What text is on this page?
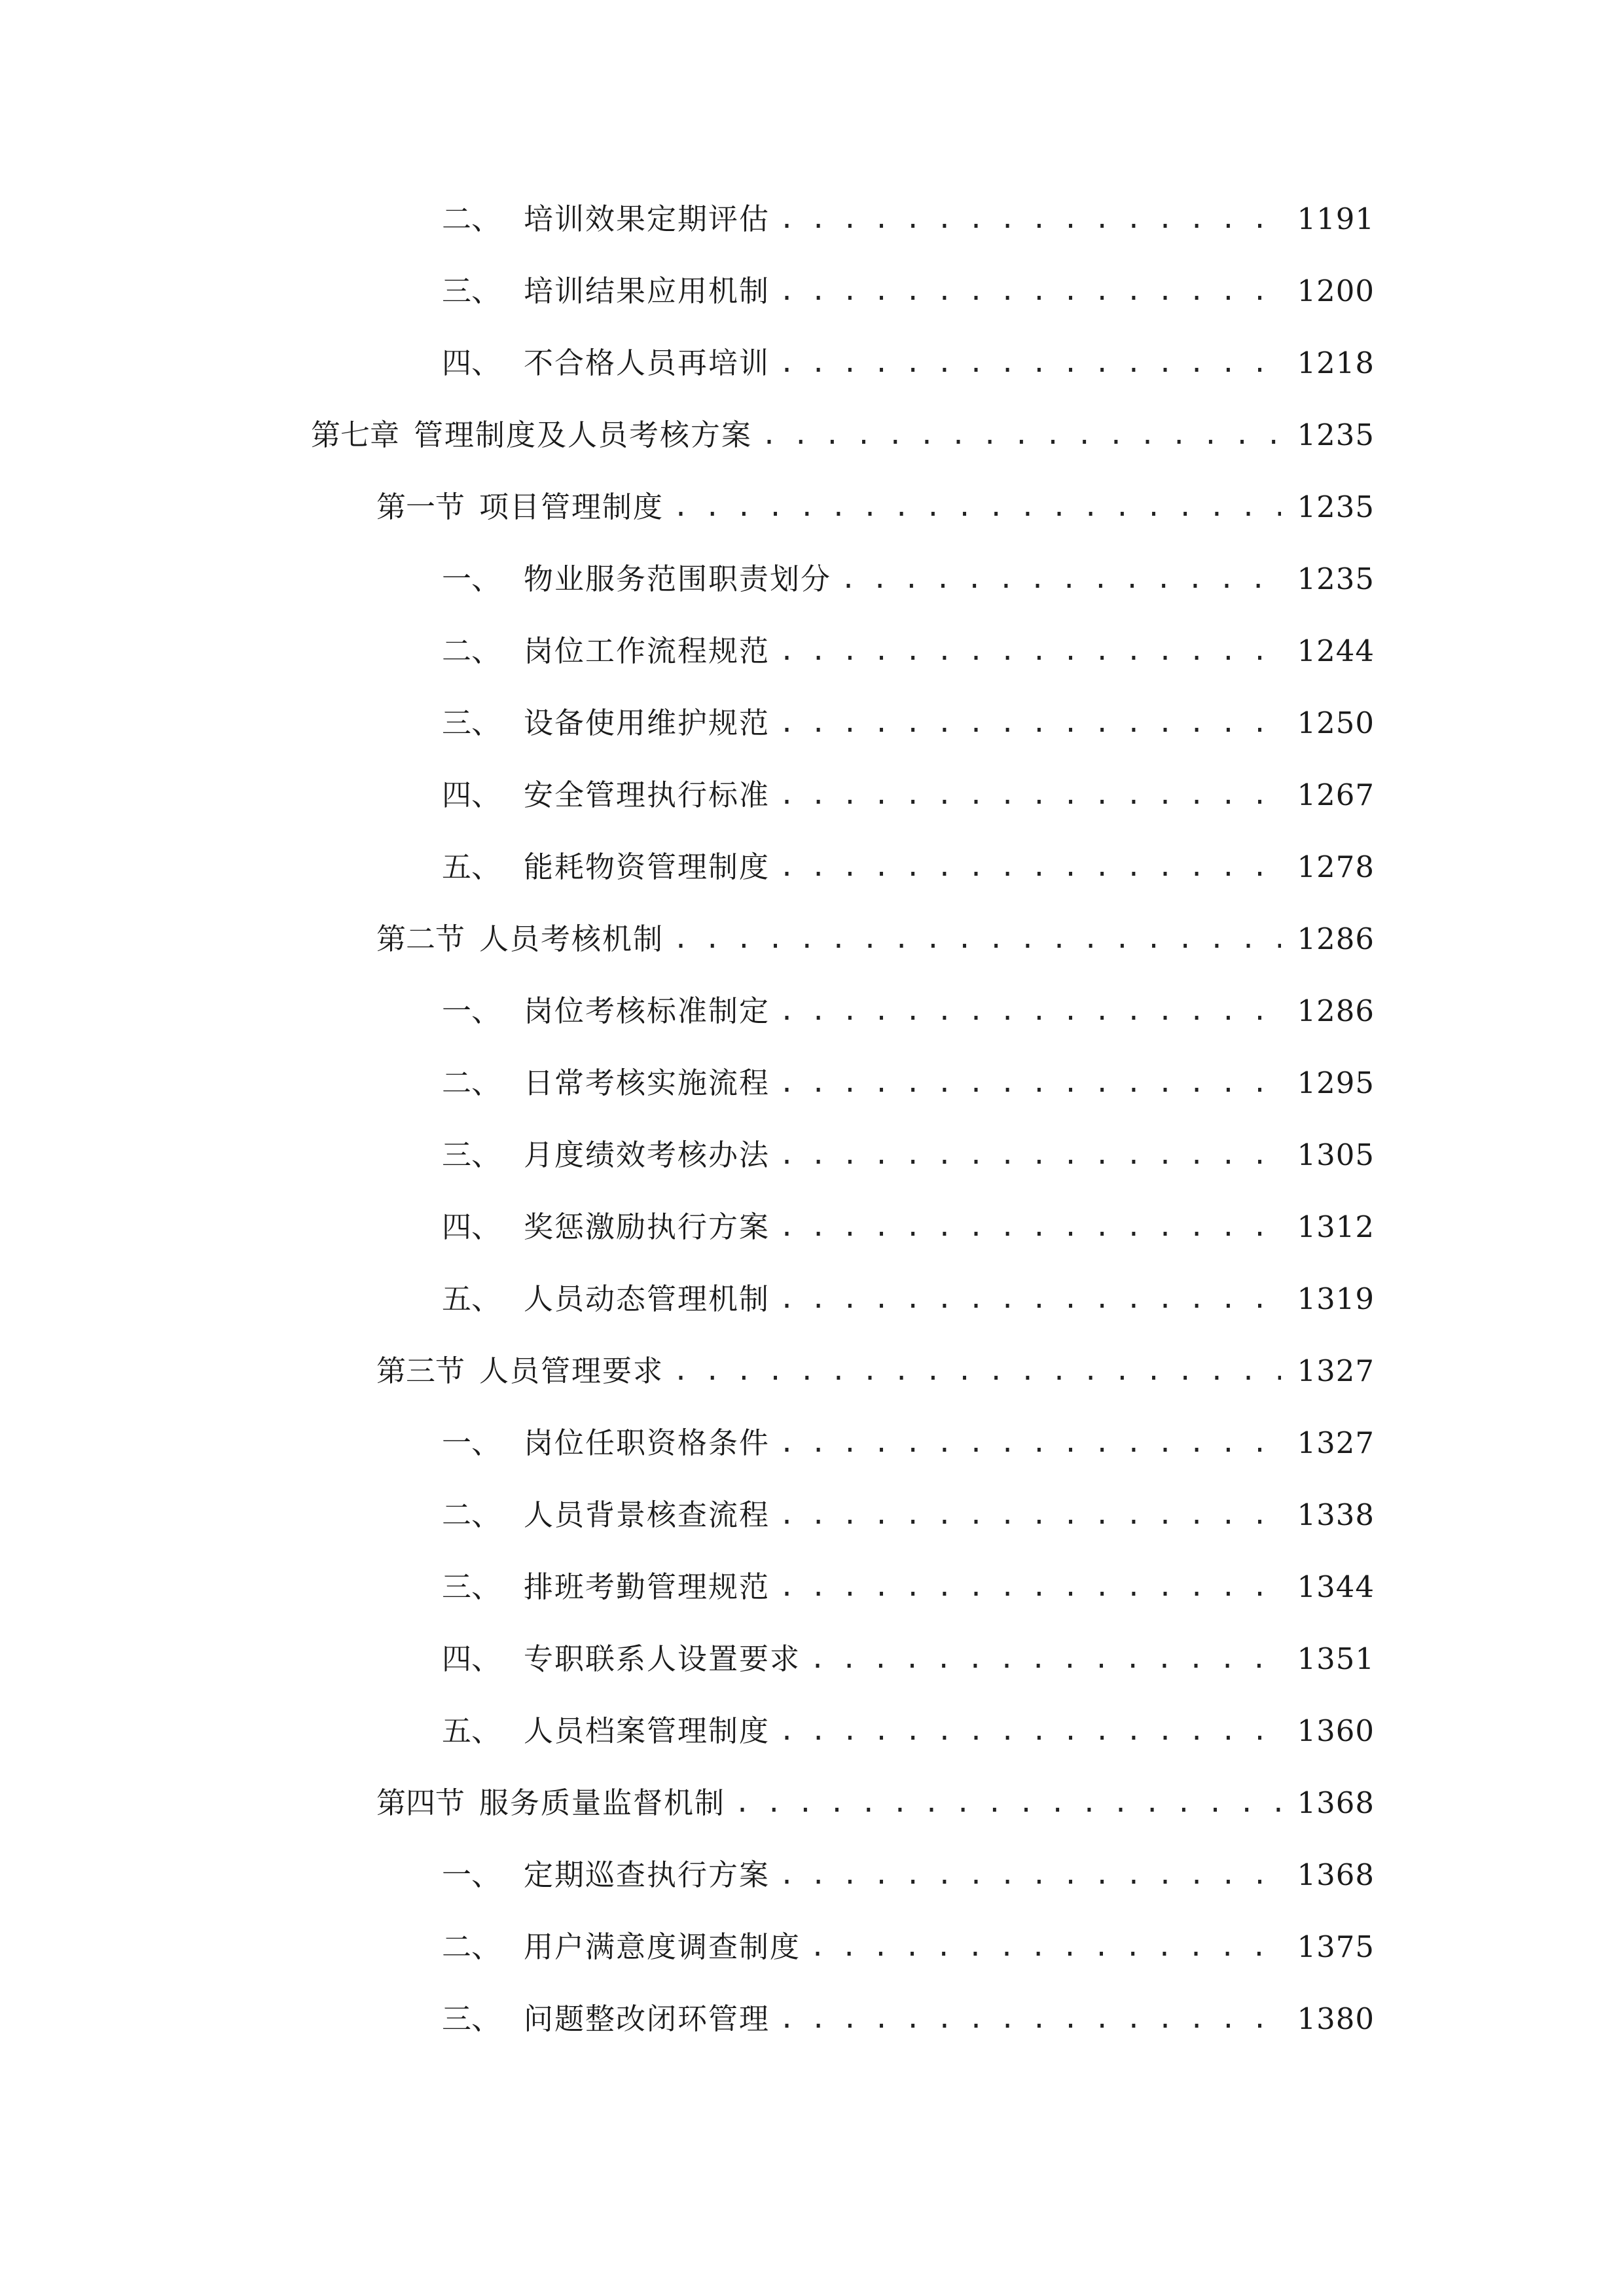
二、 培训效果定期评估 . . .	1191
三、 培训结果应用机制 . . .	1200
四、 不合格人员再培训 . . .	1218
第七章 管理制度及人员考核方案 . . .	1235
第一节 项目管理制度 . . .	1235
一、 物业服务范围职责划分 . . .	1235
二、 岗位工作流程规范 . . .	1244
三、 设备使用维护规范 . . .	1250
四、 安全管理执行标准 . . .	1267
五、 能耗物资管理制度 . . .	1278
第二节 人员考核机制 . . .	1286
一、 岗位考核标准制定 . . .	1286
二、 日常考核实施流程 . . .	1295
三、 月度绩效考核办法 . . .	1305
四、 奖惩激励执行方案 . . .	1312
五、 人员动态管理机制 . . .	1319
第三节 人员管理要求 . . .	1327
一、 岗位任职资格条件 . . .	1327
二、 人员背景核查流程 . . .	1338
三、 排班考勤管理规范 . . .	1344
四、 专职联系人设置要求 . . .	1351
五、 人员档案管理制度 . . .	1360
第四节 服务质量监督机制 . . .	1368
一、 定期巡查执行方案 . . .	1368
二、 用户满意度调查制度 . . .	1375
三、 问题整改闭环管理 . . .	1380
